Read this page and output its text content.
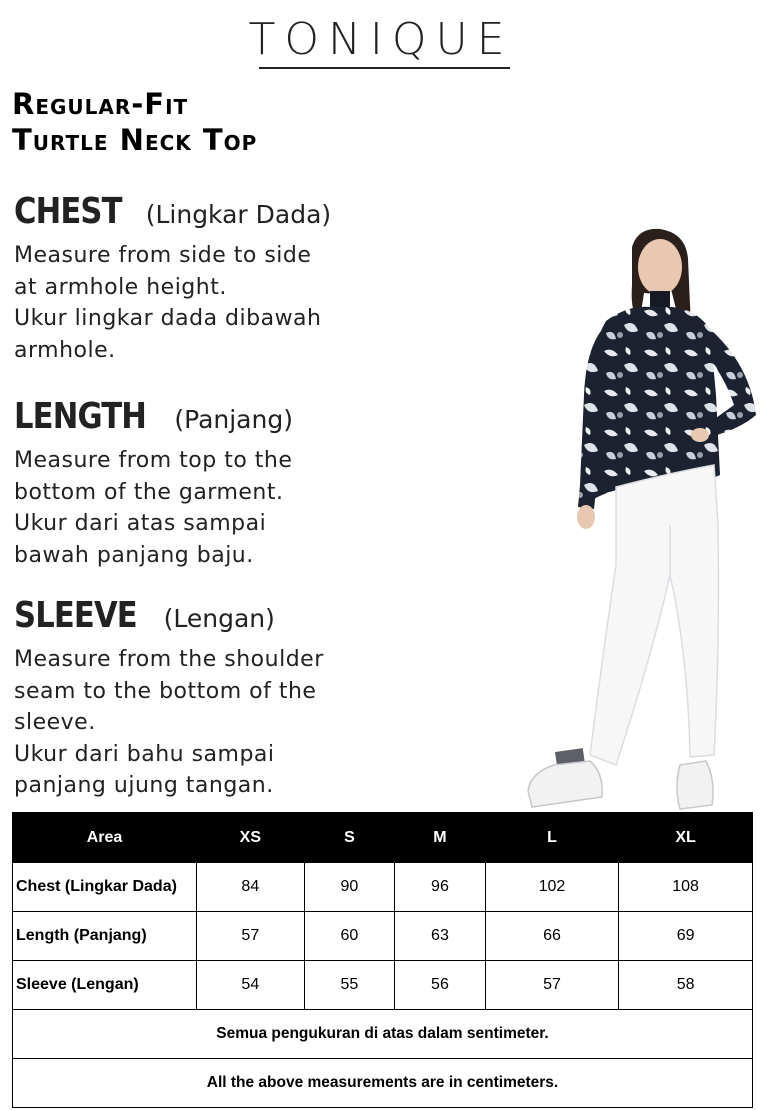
TONIQUE
Regular-Fit
Turtle Neck Top
CHEST (Lingkar Dada)

Measure from side to side

at armhole height.

Ukur lingkar dada dibawah

armhole.

LENGTH (Panjang)

Measure from top to the

bottom of the garment.

Ukur dari atas sampai

bawah panjang baju.

SLEEVE (Lengan)

Measure from the shoulder

seam to the bottom of the

sleeve.

Ukur dari bahu sampai

panjang ujung tangan.

Area	XS	S	M	L	XL
Chest (Lingkar Dada)	84	90	96	102	108
Length (Panjang)	57	60	63	66	69
Sleeve (Lengan)	54	55	56	57	58
Semua pengukuran di atas dalam sentimeter.					
All the above measurements are in centimeters.					
